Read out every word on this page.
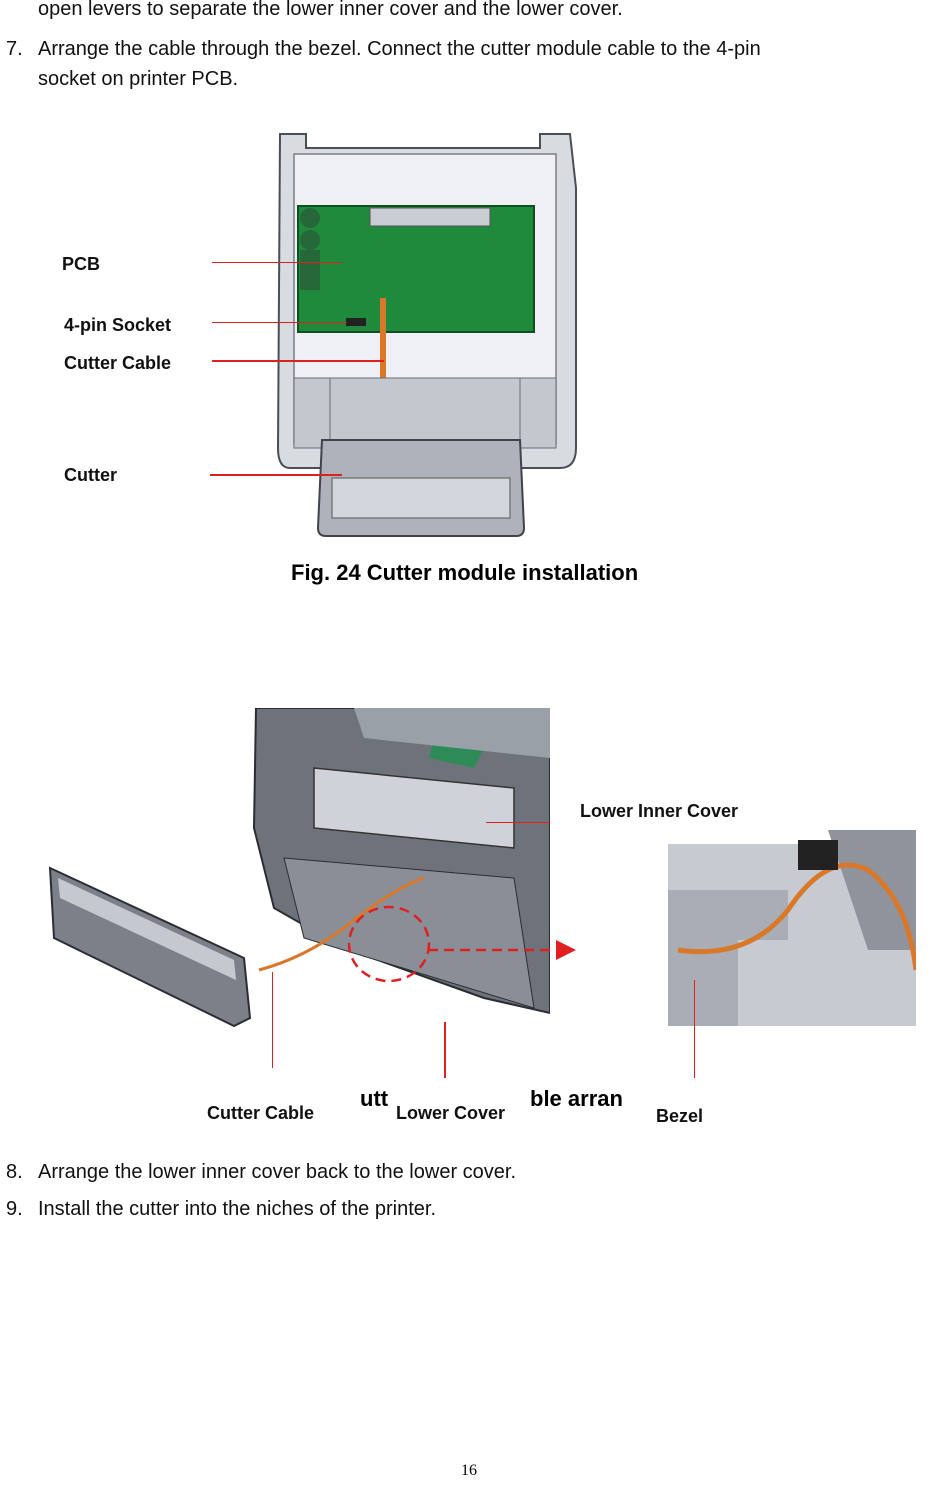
open levers to separate the lower inner cover and the lower cover.
7. Arrange the cable through the bezel. Connect the cutter module cable to the 4-pin
socket on printer PCB.
PCB
4-pin Socket
Cutter Cable
Cutter
Fig. 24 Cutter module installation
Lower Inner Cover
utt	ble arran
Cutter Cable	Lower Cover	Bezel
8. Arrange the lower inner cover back to the lower cover.
9. Install the cutter into the niches of the printer.
16
